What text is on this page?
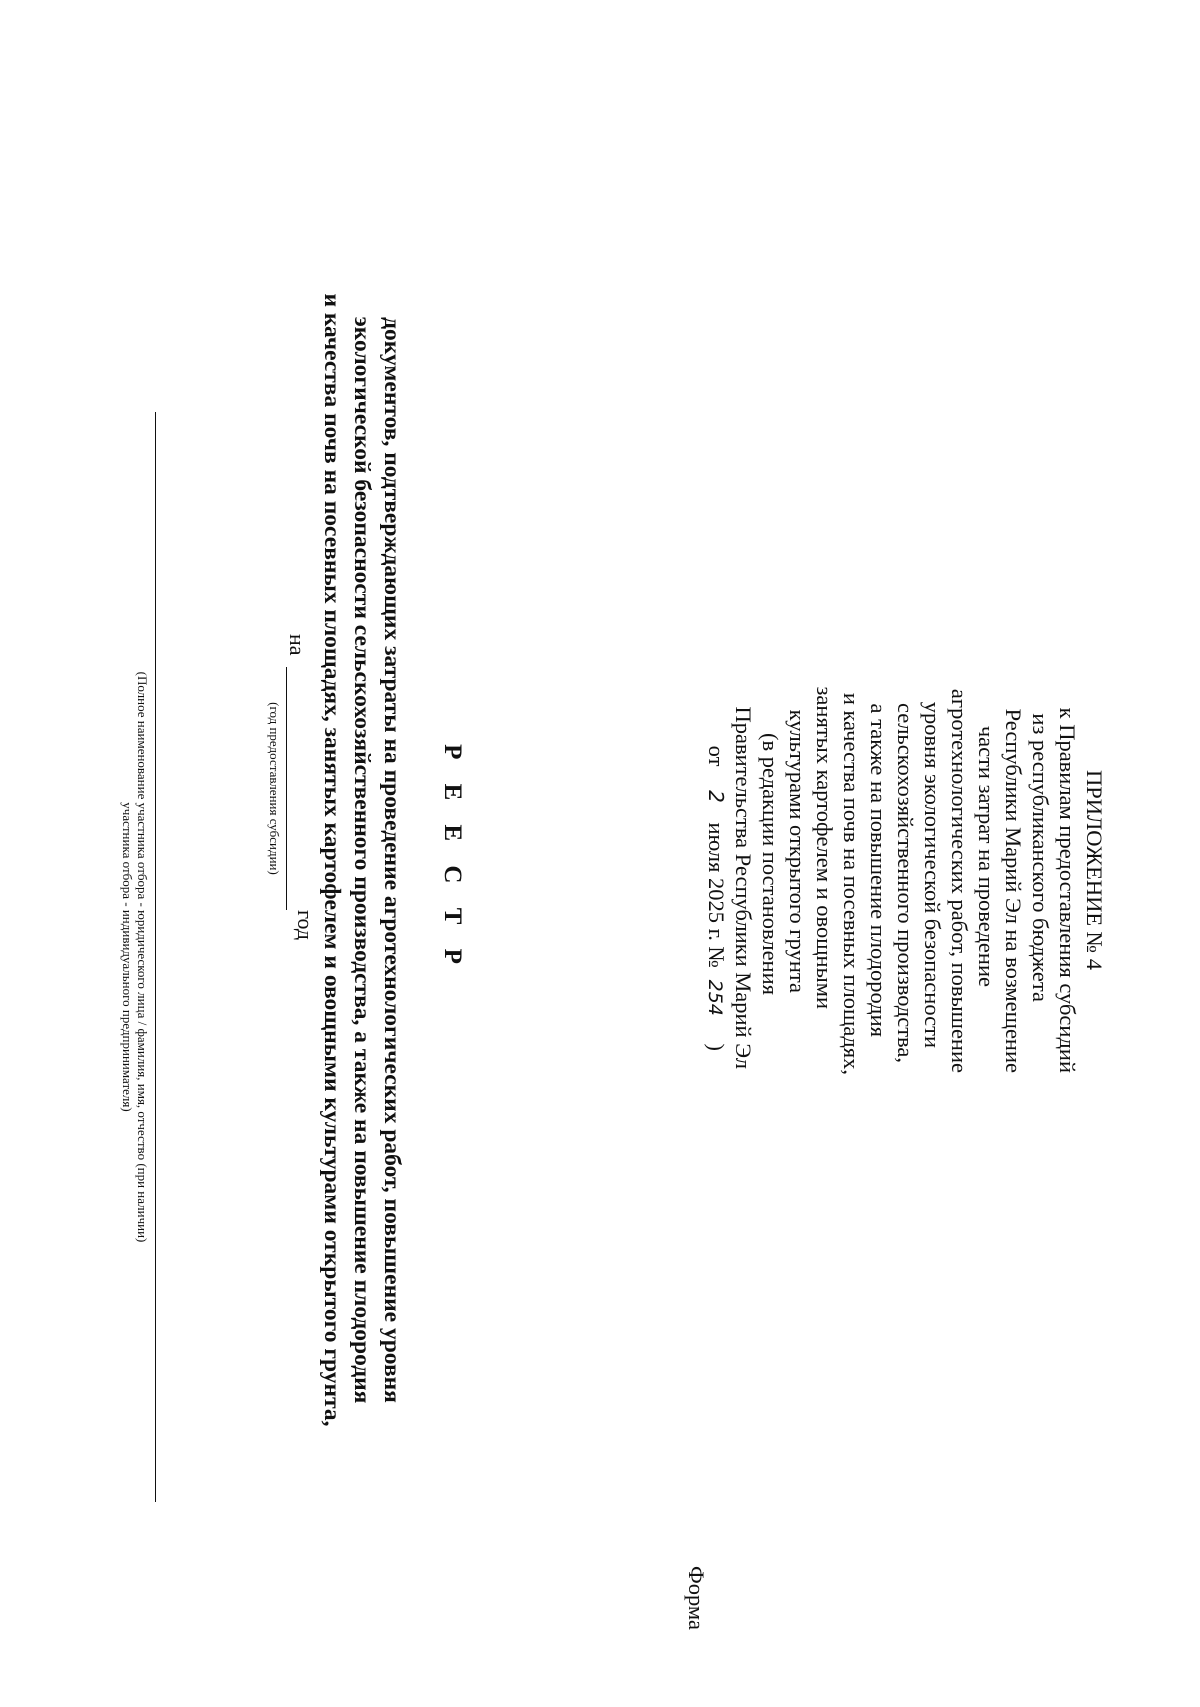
ПРИЛОЖЕНИЕ № 4
к Правилам предоставления субсидий
из республиканского бюджета
Республики Марий Эл на возмещение
части затрат на проведение
агротехнологических работ, повышение
уровня экологической безопасности
сельскохозяйственного производства,
а также на повышение плодородия
и качества почв на посевных площадях,
занятых картофелем и овощными
культурами открытого грунта
(в редакции постановления
Правительства Республики Марий Эл
от 2 июля 2025 г. № 254 )
Форма
Р Е Е С Т Р
документов, подтверждающих затраты на проведение агротехнологических работ, повышение уровня
экологической безопасности сельскохозяйственного производства, а также на повышение плодородия
и качества почв на посевных площадях, занятых картофелем и овощными культурами открытого грунта,
на
год
(год предоставления субсидии)
(Полное наименование участника отбора - юридического лица / фамилия, имя, отчество (при наличии)
участника отбора - индивидуального предпринимателя)
